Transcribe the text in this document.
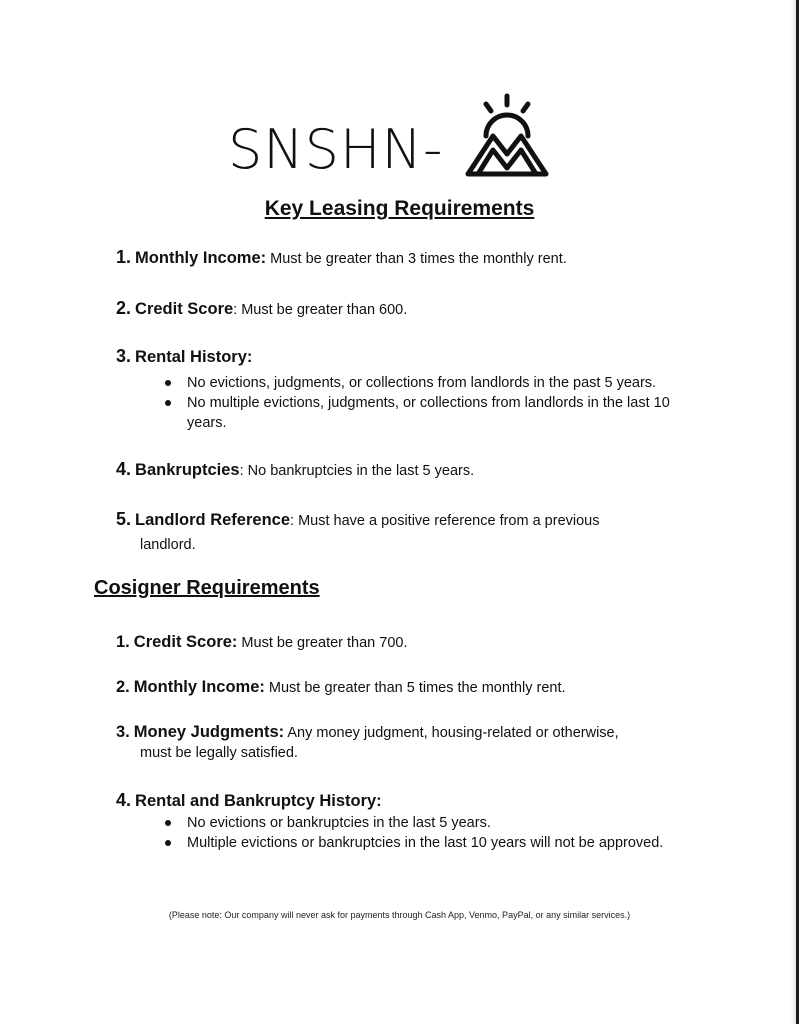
SNSHN-
Key Leasing Requirements
1. Monthly Income: Must be greater than 3 times the monthly rent.
2. Credit Score: Must be greater than 600.
3. Rental History:
No evictions, judgments, or collections from landlords in the past 5 years.
No multiple evictions, judgments, or collections from landlords in the last 10 years.
4. Bankruptcies: No bankruptcies in the last 5 years.
5. Landlord Reference: Must have a positive reference from a previous
landlord.
Cosigner Requirements
1. Credit Score: Must be greater than 700.
2. Monthly Income: Must be greater than 5 times the monthly rent.
3. Money Judgments: Any money judgment, housing-related or otherwise,
must be legally satisfied.
4. Rental and Bankruptcy History:
No evictions or bankruptcies in the last 5 years.
Multiple evictions or bankruptcies in the last 10 years will not be approved.
(Please note: Our company will never ask for payments through Cash App, Venmo, PayPal, or any similar services.)
